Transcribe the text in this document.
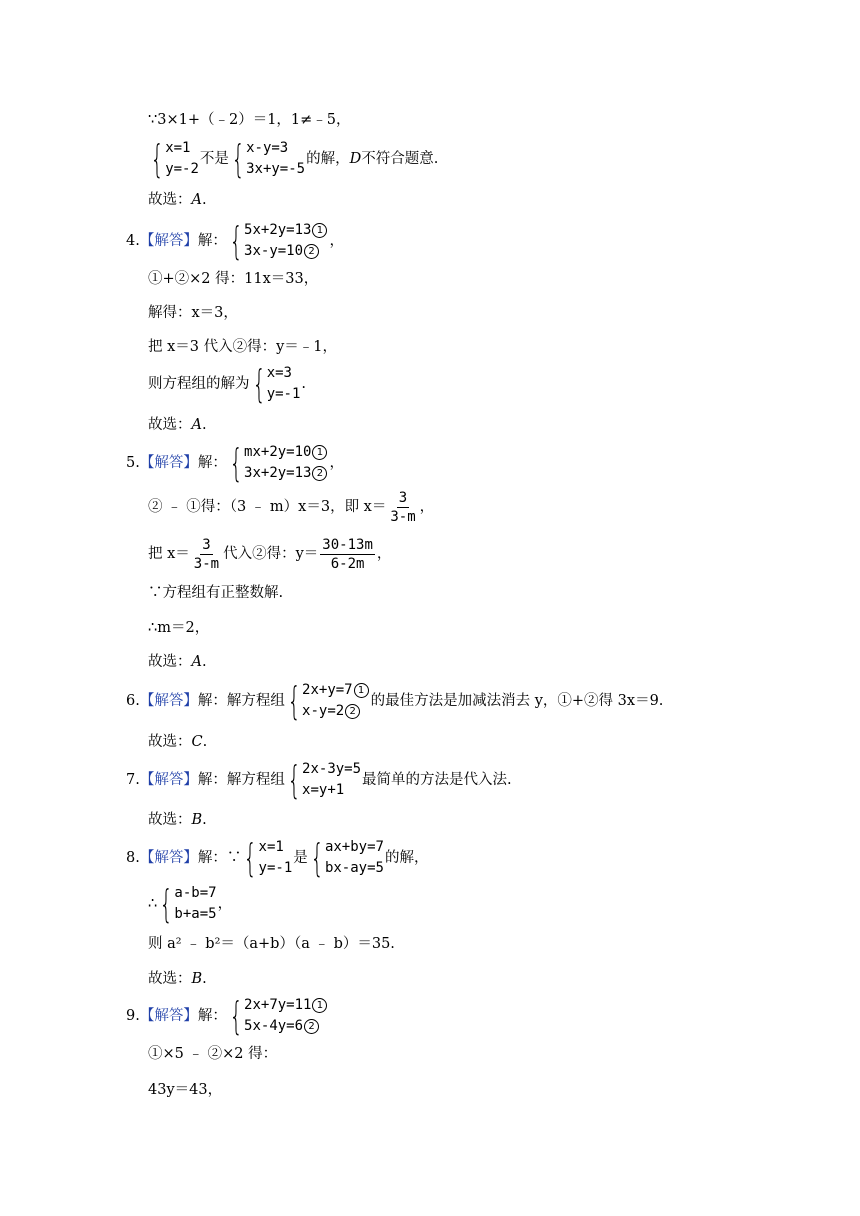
∵3×1+（﹣2）＝1，1≠﹣5，
{ x=1
y=-2
不是 { x-y=3
3x+y=-5
的解， D 不符合题意.
故选： A .
4. 【解答】 解： { 5x+2y=13 1
3x-y=10 2
，
①+②×2 得：11x＝33，
解得：x＝3，
把 x＝3 代入②得：y＝﹣1，
则方程组的解为 { x=3
y=-1
.
故选： A .
5. 【解答】 解： { mx+2y=10 1
3x+2y=13 2
，
② ﹣ ①得：（3 ﹣ m）x＝3，即 $x= \frac{3}{3-m}$ ，
把 $x= \frac{3}{3-m}$ 代入②得：$y= \frac{30-13m}{6-2m}$ ，
∵方程组有正整数解.
∴m＝2，
故选： A .
6. 【解答】 解：解方程组 { 2x+y=7 1
x-y=2 2
的最佳方法是加减法消去 y，①+②得 3x＝9.
故选： C .
7. 【解答】 解：解方程组 { 2x-3y=5
x=y+1
最简单的方法是代入法.
故选： B .
8. 【解答】 解：∵ { x=1
y=-1
是 { ax+by=7
bx-ay=5
的解，
∴ { a-b=7
b+a=5
，
则 a² ﹣ b²＝（a+b）（a ﹣ b）＝35.
故选： B .
9. 【解答】 解： { 2x+7y=11 1
5x-4y=6 2
①×5 ﹣ ②×2 得：
43y＝43，
